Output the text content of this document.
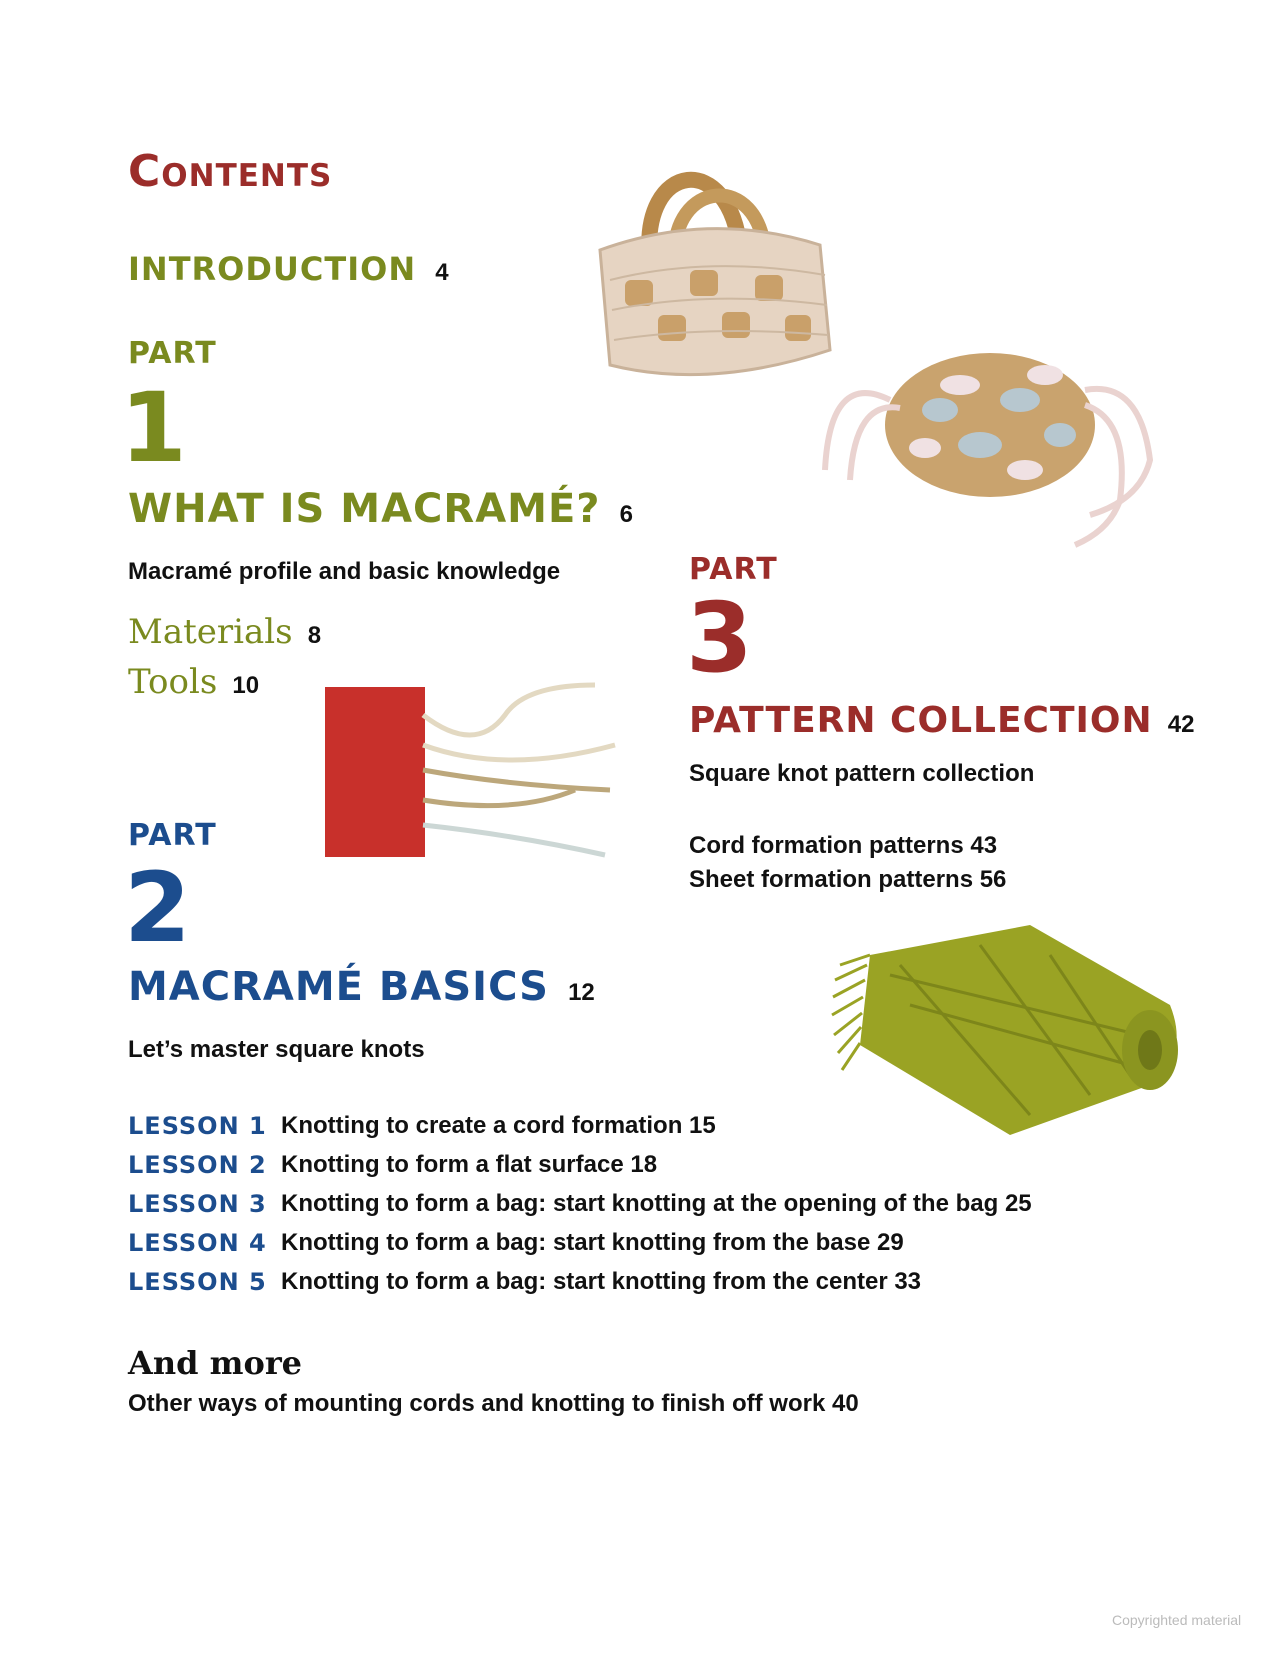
Contents
INTRODUCTION 4
PART
1
WHAT IS MACRAMÉ? 6
Macramé profile and basic knowledge
Materials 8
Tools 10
PART
2
MACRAMÉ BASICS 12
Let’s master square knots
LESSON 1 Knotting to create a cord formation 15
LESSON 2 Knotting to form a flat surface 18
LESSON 3 Knotting to form a bag: start knotting at the opening of the bag 25
LESSON 4 Knotting to form a bag: start knotting from the base 29
LESSON 5 Knotting to form a bag: start knotting from the center 33
And more
Other ways of mounting cords and knotting to finish off work 40
PART
3
PATTERN COLLECTION 42
Square knot pattern collection
Cord formation patterns 43
Sheet formation patterns 56
Copyrighted material
